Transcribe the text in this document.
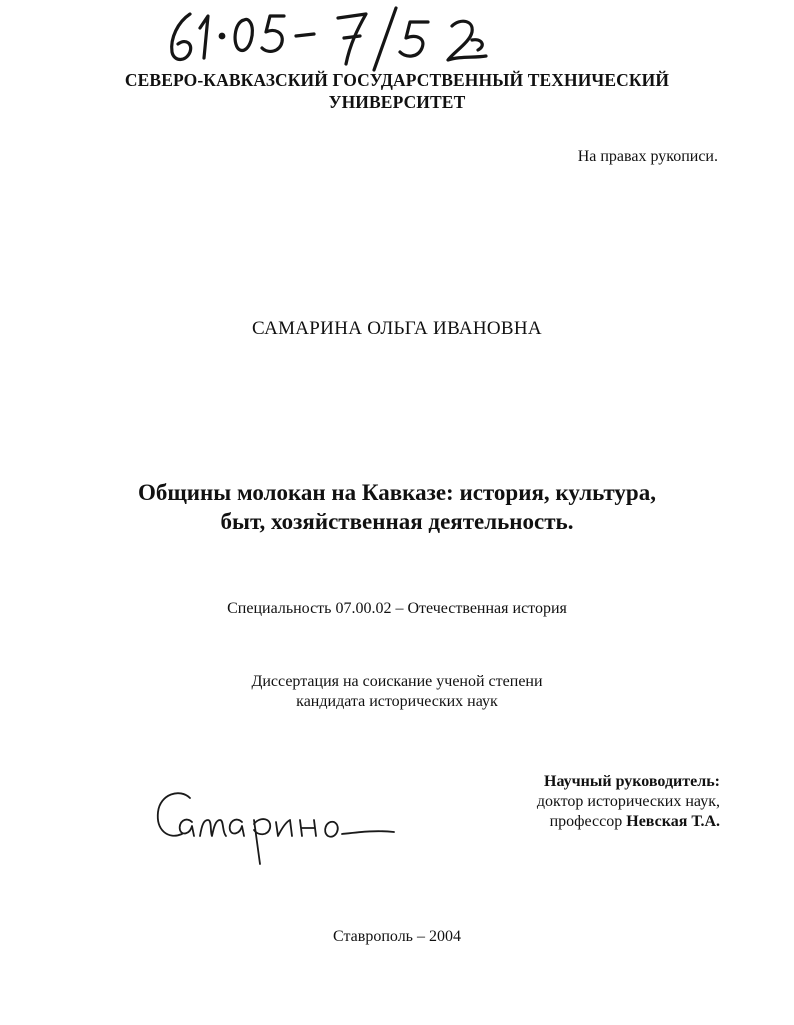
СЕВЕРО-КАВКАЗСКИЙ ГОСУДАРСТВЕННЫЙ ТЕХНИЧЕСКИЙ
УНИВЕРСИТЕТ
На правах рукописи.
САМАРИНА ОЛЬГА ИВАНОВНА
Общины молокан на Кавказе: история, культура,
быт, хозяйственная деятельность.
Специальность 07.00.02 – Отечественная история
Диссертация на соискание ученой степени
кандидата исторических наук
Научный руководитель:
доктор исторических наук,
профессор Невская Т.А.
Ставрополь – 2004
